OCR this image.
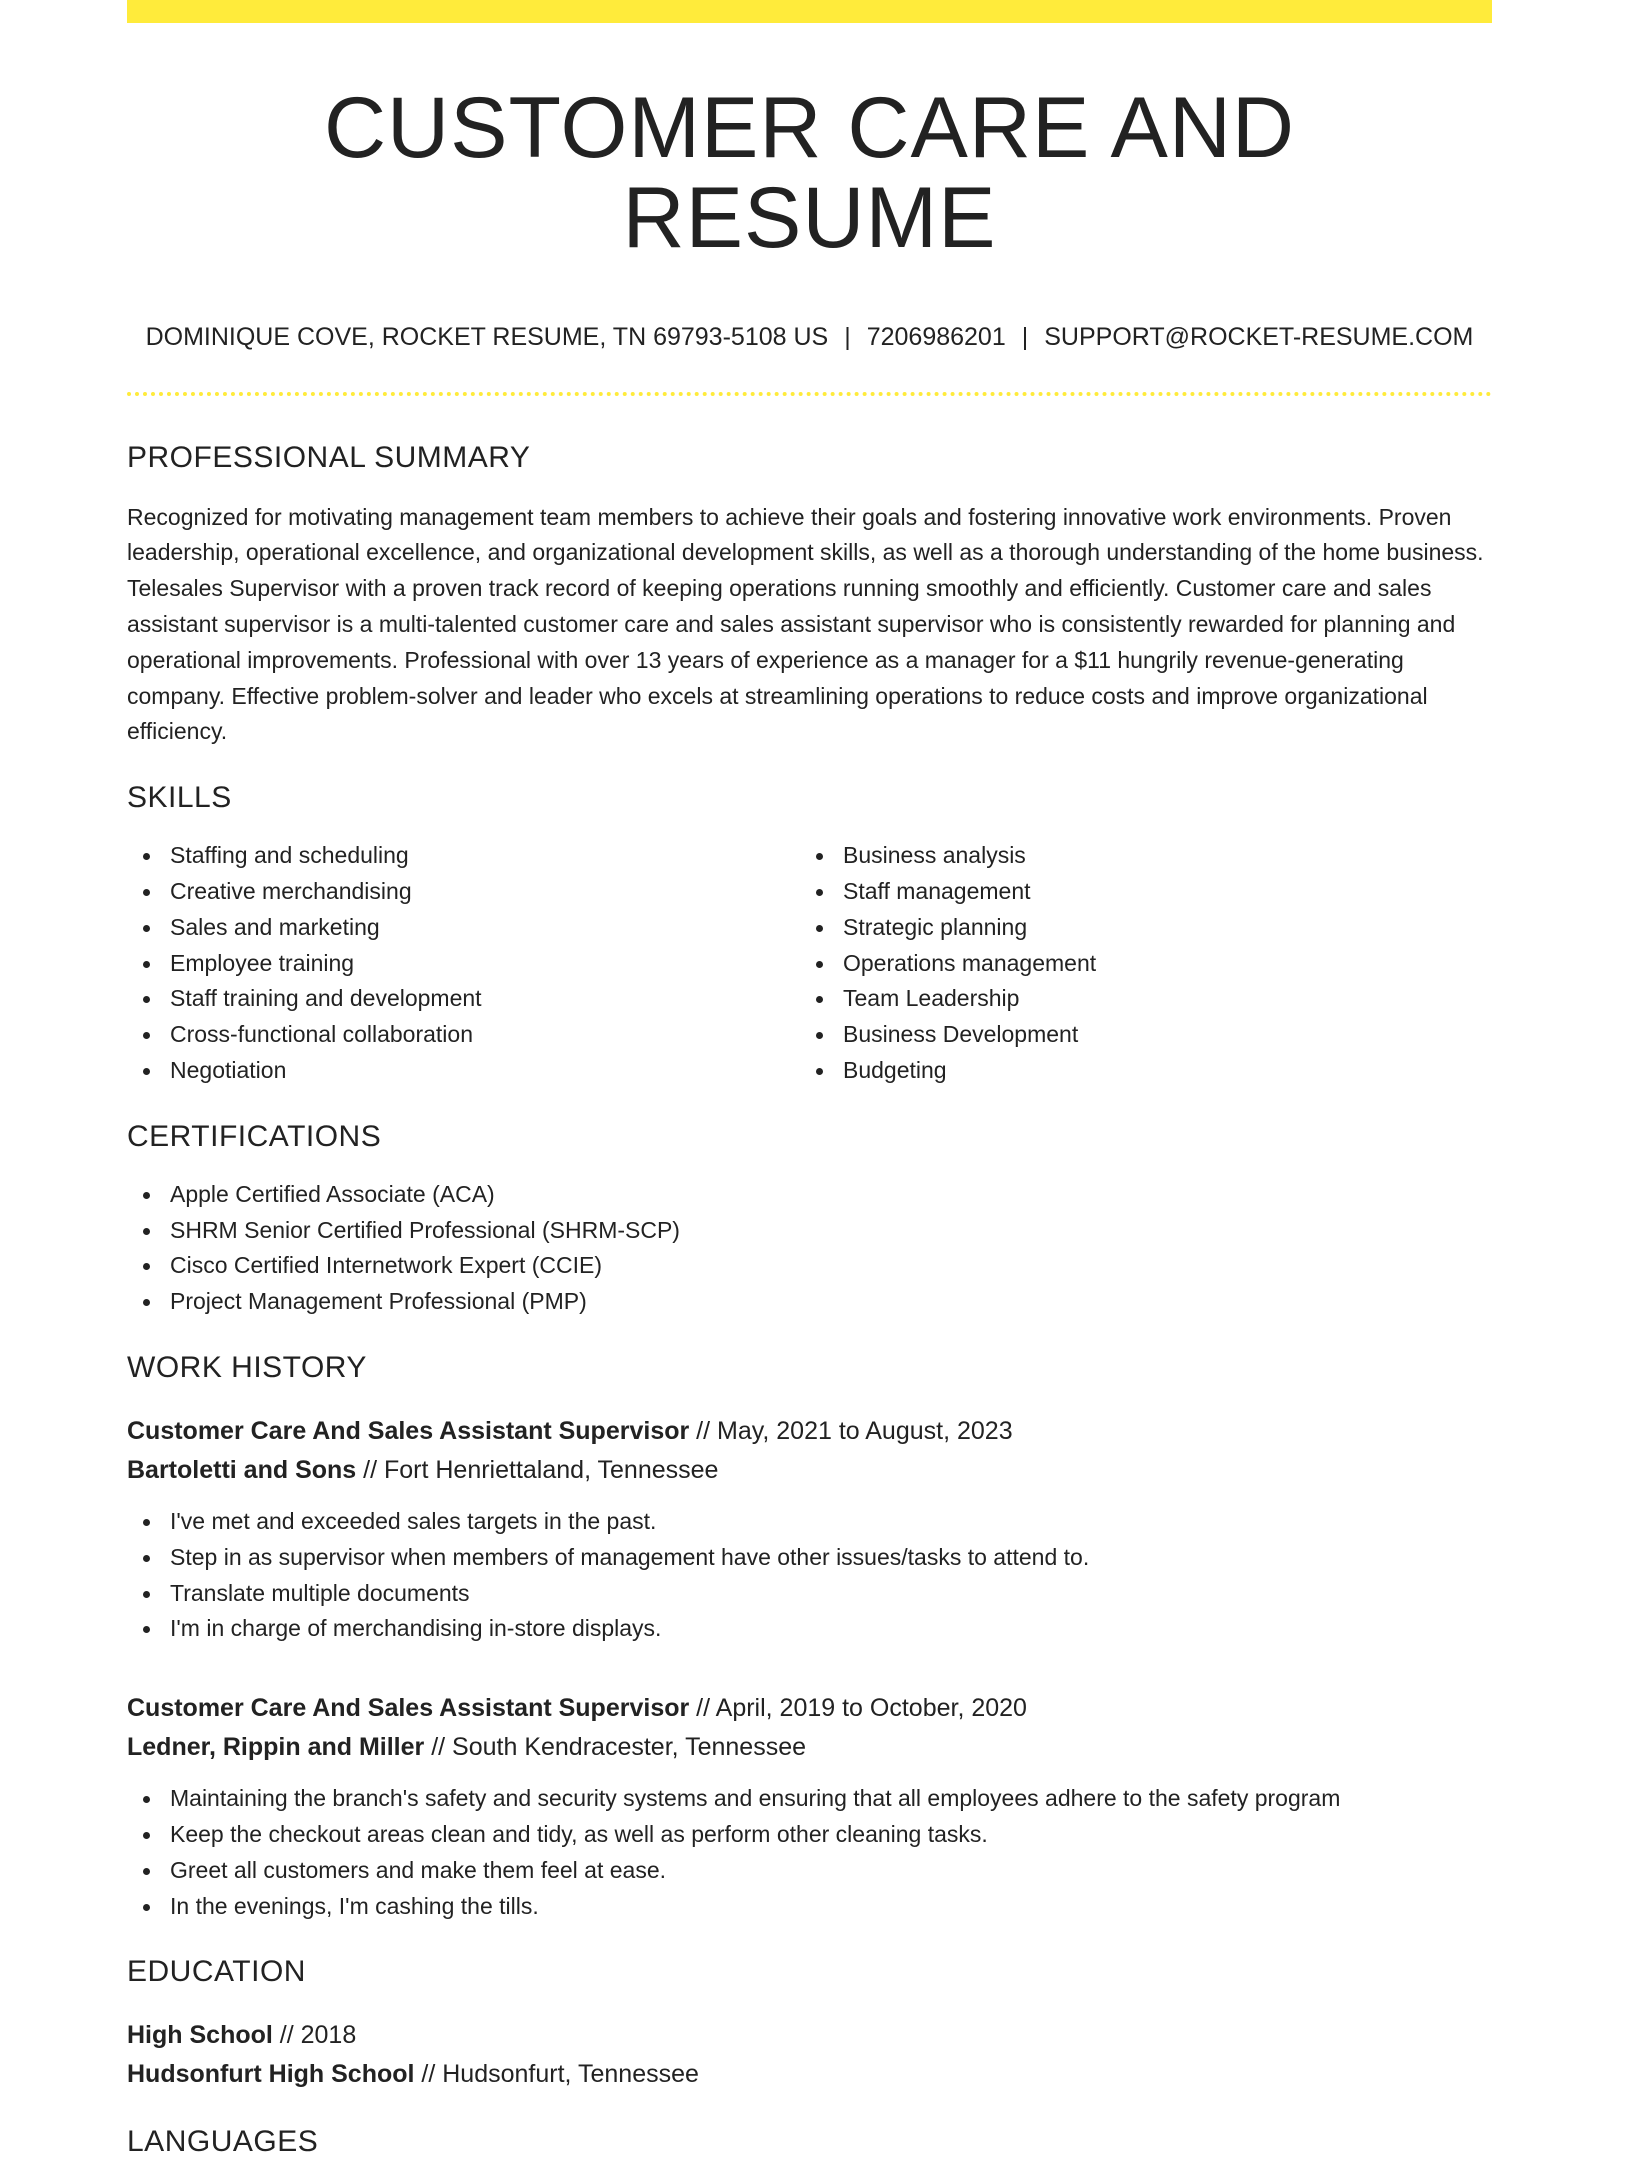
CUSTOMER CARE AND RESUME
DOMINIQUE COVE, ROCKET RESUME, TN 69793-5108 US | 7206986201 | SUPPORT@ROCKET-RESUME.COM
PROFESSIONAL SUMMARY

Recognized for motivating management team members to achieve their goals and fostering innovative work environments. Proven leadership, operational excellence, and organizational development skills, as well as a thorough understanding of the home business. Telesales Supervisor with a proven track record of keeping operations running smoothly and efficiently. Customer care and sales assistant supervisor is a multi-talented customer care and sales assistant supervisor who is consistently rewarded for planning and operational improvements. Professional with over 13 years of experience as a manager for a $11 hungrily revenue-generating company. Effective problem-solver and leader who excels at streamlining operations to reduce costs and improve organizational efficiency.

SKILLS
Staffing and scheduling
Creative merchandising
Sales and marketing
Employee training
Staff training and development
Cross-functional collaboration
Negotiation
Business analysis
Staff management
Strategic planning
Operations management
Team Leadership
Business Development
Budgeting
CERTIFICATIONS
Apple Certified Associate (ACA)
SHRM Senior Certified Professional (SHRM-SCP)
Cisco Certified Internetwork Expert (CCIE)
Project Management Professional (PMP)
WORK HISTORY
Customer Care And Sales Assistant Supervisor // May, 2021 to August, 2023
Bartoletti and Sons // Fort Henriettaland, Tennessee
I've met and exceeded sales targets in the past.
Step in as supervisor when members of management have other issues/tasks to attend to.
Translate multiple documents
I'm in charge of merchandising in-store displays.
Customer Care And Sales Assistant Supervisor // April, 2019 to October, 2020
Ledner, Rippin and Miller // South Kendracester, Tennessee
Maintaining the branch's safety and security systems and ensuring that all employees adhere to the safety program
Keep the checkout areas clean and tidy, as well as perform other cleaning tasks.
Greet all customers and make them feel at ease.
In the evenings, I'm cashing the tills.
EDUCATION
High School // 2018
Hudsonfurt High School // Hudsonfurt, Tennessee
LANGUAGES
